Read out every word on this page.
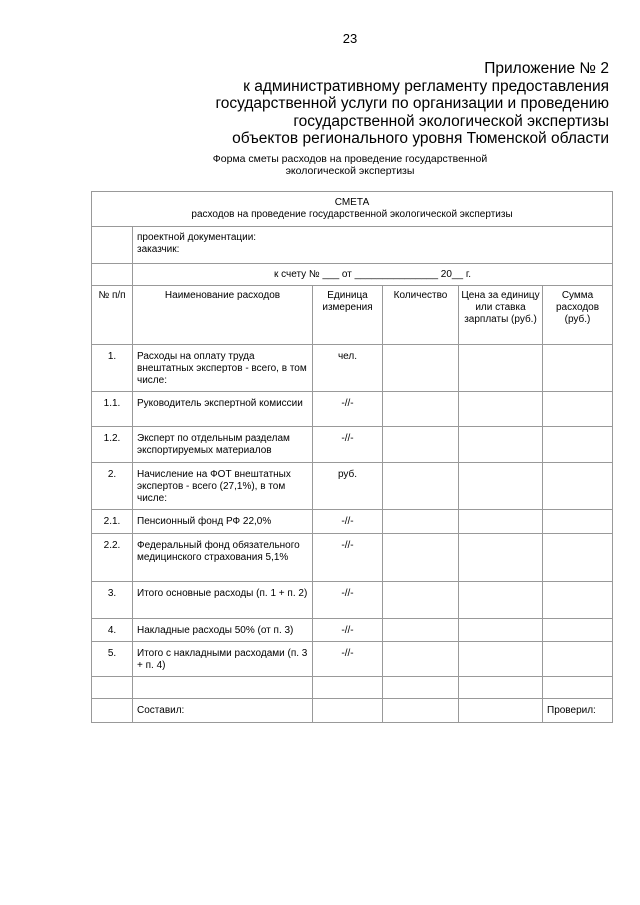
23
Приложение № 2
к административному регламенту предоставления
государственной услуги по организации и проведению
государственной экологической экспертизы
объектов регионального уровня Тюменской области
Форма сметы расходов на проведение государственной
экологической экспертизы
СМЕТА
расходов на проведение государственной экологической экспертизы					

	проектной документации:
заказчик:				

	к счету № ___ от _______________ 20__ г.				
№ п/п	Наименование расходов	Единица измерения	Количество	Цена за единицу или ставка зарплаты (руб.)	Сумма расходов (руб.)
1.	Расходы на оплату труда внештатных экспертов - всего, в том числе:	чел.			
1.1.	Руководитель экспертной комиссии	-//-			
1.2.	Эксперт по отдельным разделам экспортируемых материалов	-//-			
2.	Начисление на ФОТ внештатных экспертов - всего (27,1%), в том числе:	руб.			
2.1.	Пенсионный фонд РФ 22,0%	-//-			
2.2.	Федеральный фонд обязательного медицинского страхования 5,1%	-//-			
3.	Итого основные расходы (п. 1 + п. 2)	-//-			
4.	Накладные расходы 50% (от п. 3)	-//-			
5.	Итого с накладными расходами (п. 3 + п. 4)	-//-			

	Составил:				Проверил:
